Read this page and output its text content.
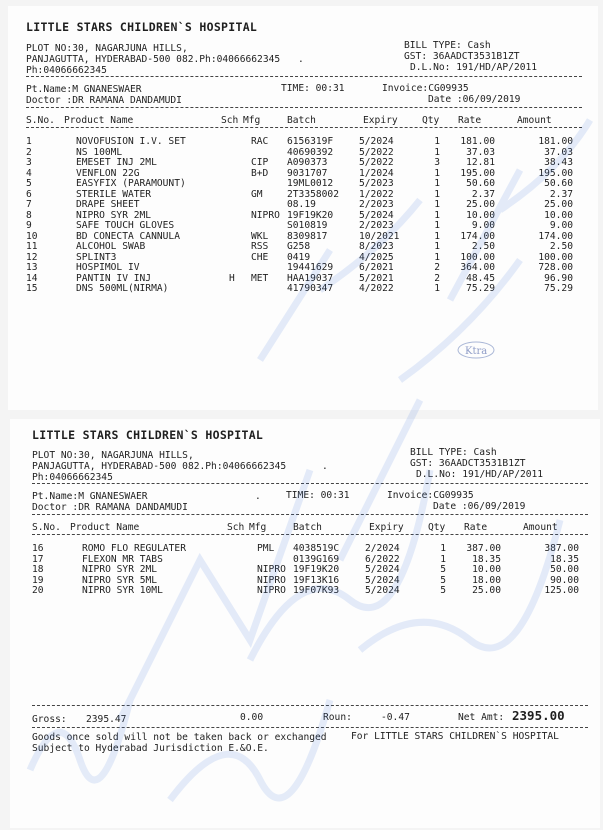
LITTLE STARS CHILDREN`S HOSPITAL
PLOT NO:30, NAGARJUNA HILLS,
PANJAGUTTA, HYDERABAD-500 082.Ph:04066662345 .
Ph:04066662345
BILL TYPE: Cash
GST: 36AADCT3531B1ZT
D.L.No: 191/HD/AP/2011
Pt.Name:M GNANESWAER
Doctor :DR RAMANA DANDAMUDI
TIME: 00:31	Invoice:CG09935
Date :06/09/2019
S.No. Product Name	Sch Mfg	Batch	Expiry	Qty Rate	Amount
1	NOVOFUSION I.V. SET	RAC 6156319F	5/2024	1 181.00	181.00
2	NS 100ML	40690392	5/2022	1	37.03	37.03
3	EMESET INJ 2ML	CIP A090373	5/2022	3	12.81	38.43
4	VENFLON 22G	B+D 9031707	1/2024	1 195.00	195.00
5	EASYFIX (PARAMOUNT)	19ML0012	5/2023	1	50.60	50.60
6	STERILE WATER	GM	2T3358002 1/2022	1	2.37	2.37
7	DRAPE SHEET	08.19	2/2023	1	25.00	25.00
8	NIPRO SYR 2ML	NIPRO 19F19K20	5/2024	1	10.00	10.00
9	SAFE TOUCH GLOVES	S010819	2/2023	1	9.00	9.00
10	BD CONECTA CANNULA	WKL 8309817	10/2021	1 174.00	174.00
11	ALCOHOL SWAB	RSS G258	8/2023	1	2.50	2.50
12	SPLINT3	CHE 0419	4/2025	1 100.00	100.00
13	HOSPIMOL IV	19441629	6/2021	2 364.00	728.00
14	PANTIN IV INJ	H MET HAA19037	5/2021	2	48.45	96.90
15	DNS 500ML(NIRMA)	41790347	4/2022	1	75.29	75.29
Ktra
LITTLE STARS CHILDREN`S HOSPITAL
PLOT NO:30, NAGARJUNA HILLS,
PANJAGUTTA, HYDERABAD-500 082.Ph:04066662345	.
Ph:04066662345
BILL TYPE: Cash
GST: 36AADCT3531B1ZT
D.L.No: 191/HD/AP/2011
Pt.Name:M GNANESWAER
Doctor :DR RAMANA DANDAMUDI
.	TIME: 00:31	Invoice:CG09935
Date :06/09/2019
S.No. Product Name	Sch Mfg	Batch	Expiry	Qty Rate	Amount
16	ROMO FLO REGULATER	PML 4038519C	2/2024	1 387.00	387.00
17	FLEXON MR TABS	0139G169	6/2022	1	18.35	18.35
18	NIPRO SYR 2ML	NIPRO 19F19K20	5/2024	5	10.00	50.00
19	NIPRO SYR 5ML	NIPRO 19F13K16	5/2024	5	18.00	90.00
20	NIPRO SYR 10ML	NIPRO 19F07K93	5/2024	5	25.00	125.00
Gross: 2395.47	0.00	Roun:	-0.47	Net Amt: 2395.00
Goods once sold will not be taken back or exchanged
Subject to Hyderabad Jurisdiction E.&O.E.
For LITTLE STARS CHILDREN`S HOSPITAL
